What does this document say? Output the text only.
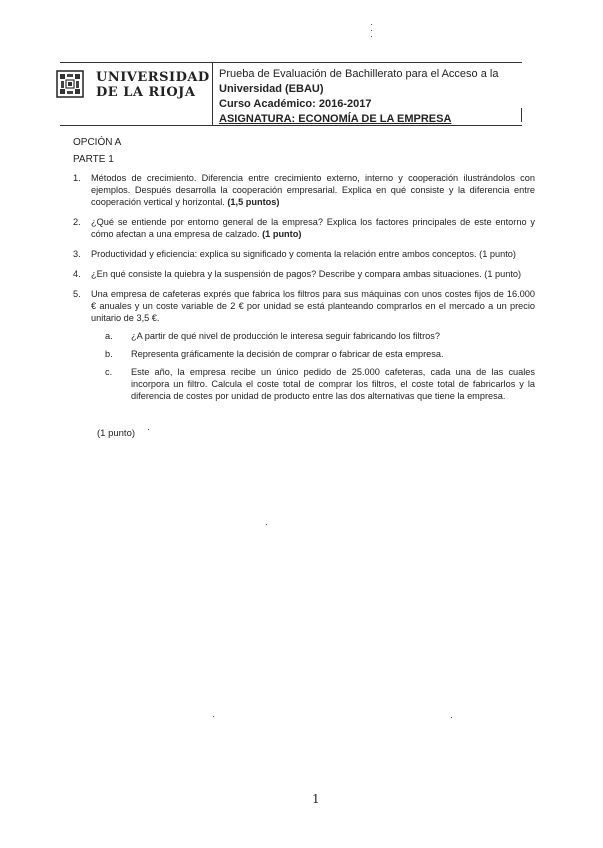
UNIVERSIDAD
DE LA RIOJA
Prueba de Evaluación de Bachillerato para el Acceso a la
Universidad (EBAU)
Curso Académico: 2016-2017
ASIGNATURA: ECONOMÍA DE LA EMPRESA
OPCIÓN A
PARTE 1
1. Métodos de crecimiento. Diferencia entre crecimiento externo, interno y cooperación ilustrándolos con ejemplos. Después desarrolla la cooperación empresarial. Explica en qué consiste y la diferencia entre cooperación vertical y horizontal. (1,5 puntos)
2. ¿Qué se entiende por entorno general de la empresa? Explica los factores principales de este entorno y cómo afectan a una empresa de calzado. (1 punto)
3. Productividad y eficiencia: explica su significado y comenta la relación entre ambos conceptos. (1 punto)
4. ¿En qué consiste la quiebra y la suspensión de pagos? Describe y compara ambas situaciones. (1 punto)
5. Una empresa de cafeteras exprés que fabrica los filtros para sus máquinas con unos costes fijos de 16.000 € anuales y un coste variable de 2 € por unidad se está planteando comprarlos en el mercado a un precio unitario de 3,5 €.
a. ¿A partir de qué nivel de producción le interesa seguir fabricando los filtros?
b. Representa gráficamente la decisión de comprar o fabricar de esta empresa.
c. Este año, la empresa recibe un único pedido de 25.000 cafeteras, cada una de las cuales incorpora un filtro. Calcula el coste total de comprar los filtros, el coste total de fabricarlos y la diferencia de costes por unidad de producto entre las dos alternativas que tiene la empresa.
(1 punto)
1
